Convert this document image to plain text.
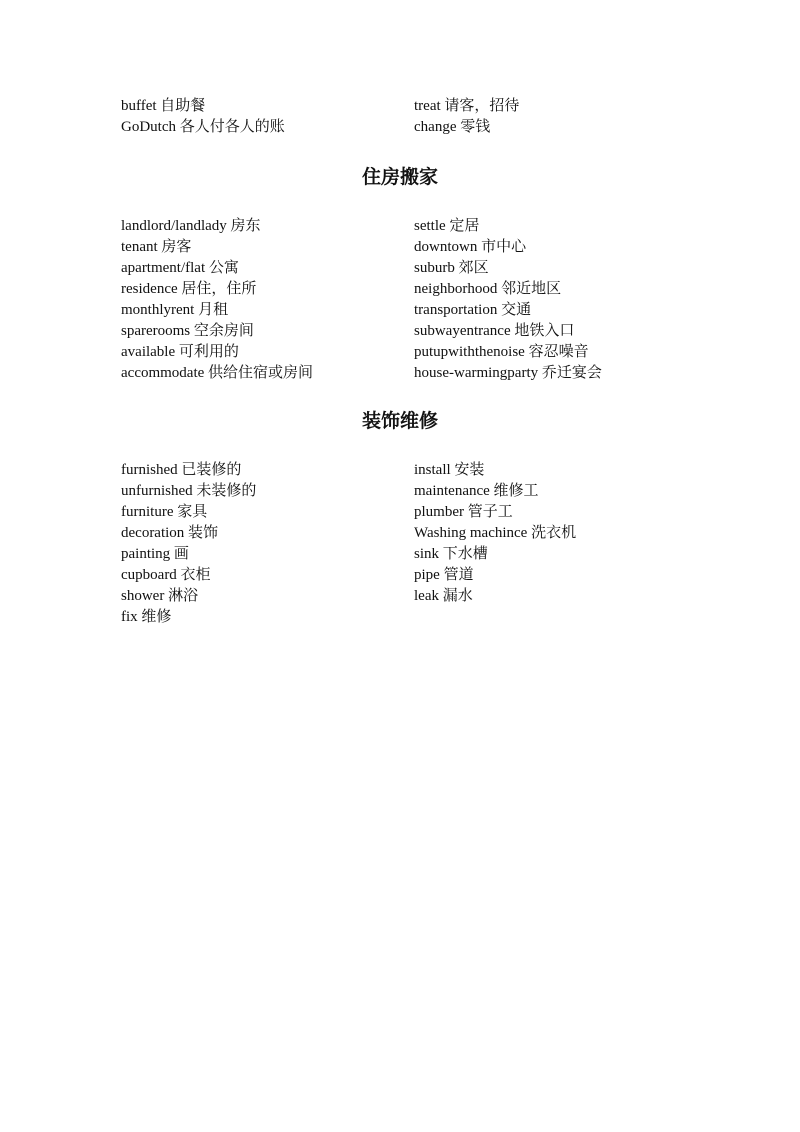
buffet 自助餐	treat 请客，招待
GoDutch 各人付各人的账	change 零钱
住房搬家
landlord/landlady 房东	settle 定居
tenant 房客	downtown 市中心
apartment/flat 公寓	suburb 郊区
residence 居住，住所	neighborhood 邻近地区
monthlyrent 月租	transportation 交通
sparerooms 空余房间	subwayentrance 地铁入口
available 可利用的	putupwiththenoise 容忍噪音
accommodate 供给住宿或房间	house-warmingparty 乔迁宴会
装饰维修
furnished 已装修的	install 安装
unfurnished 未装修的	maintenance 维修工
furniture 家具	plumber 管子工
decoration 装饰	Washing machince 洗衣机
painting 画	sink 下水槽
cupboard 衣柜	pipe 管道
shower 淋浴	leak 漏水
fix 维修
